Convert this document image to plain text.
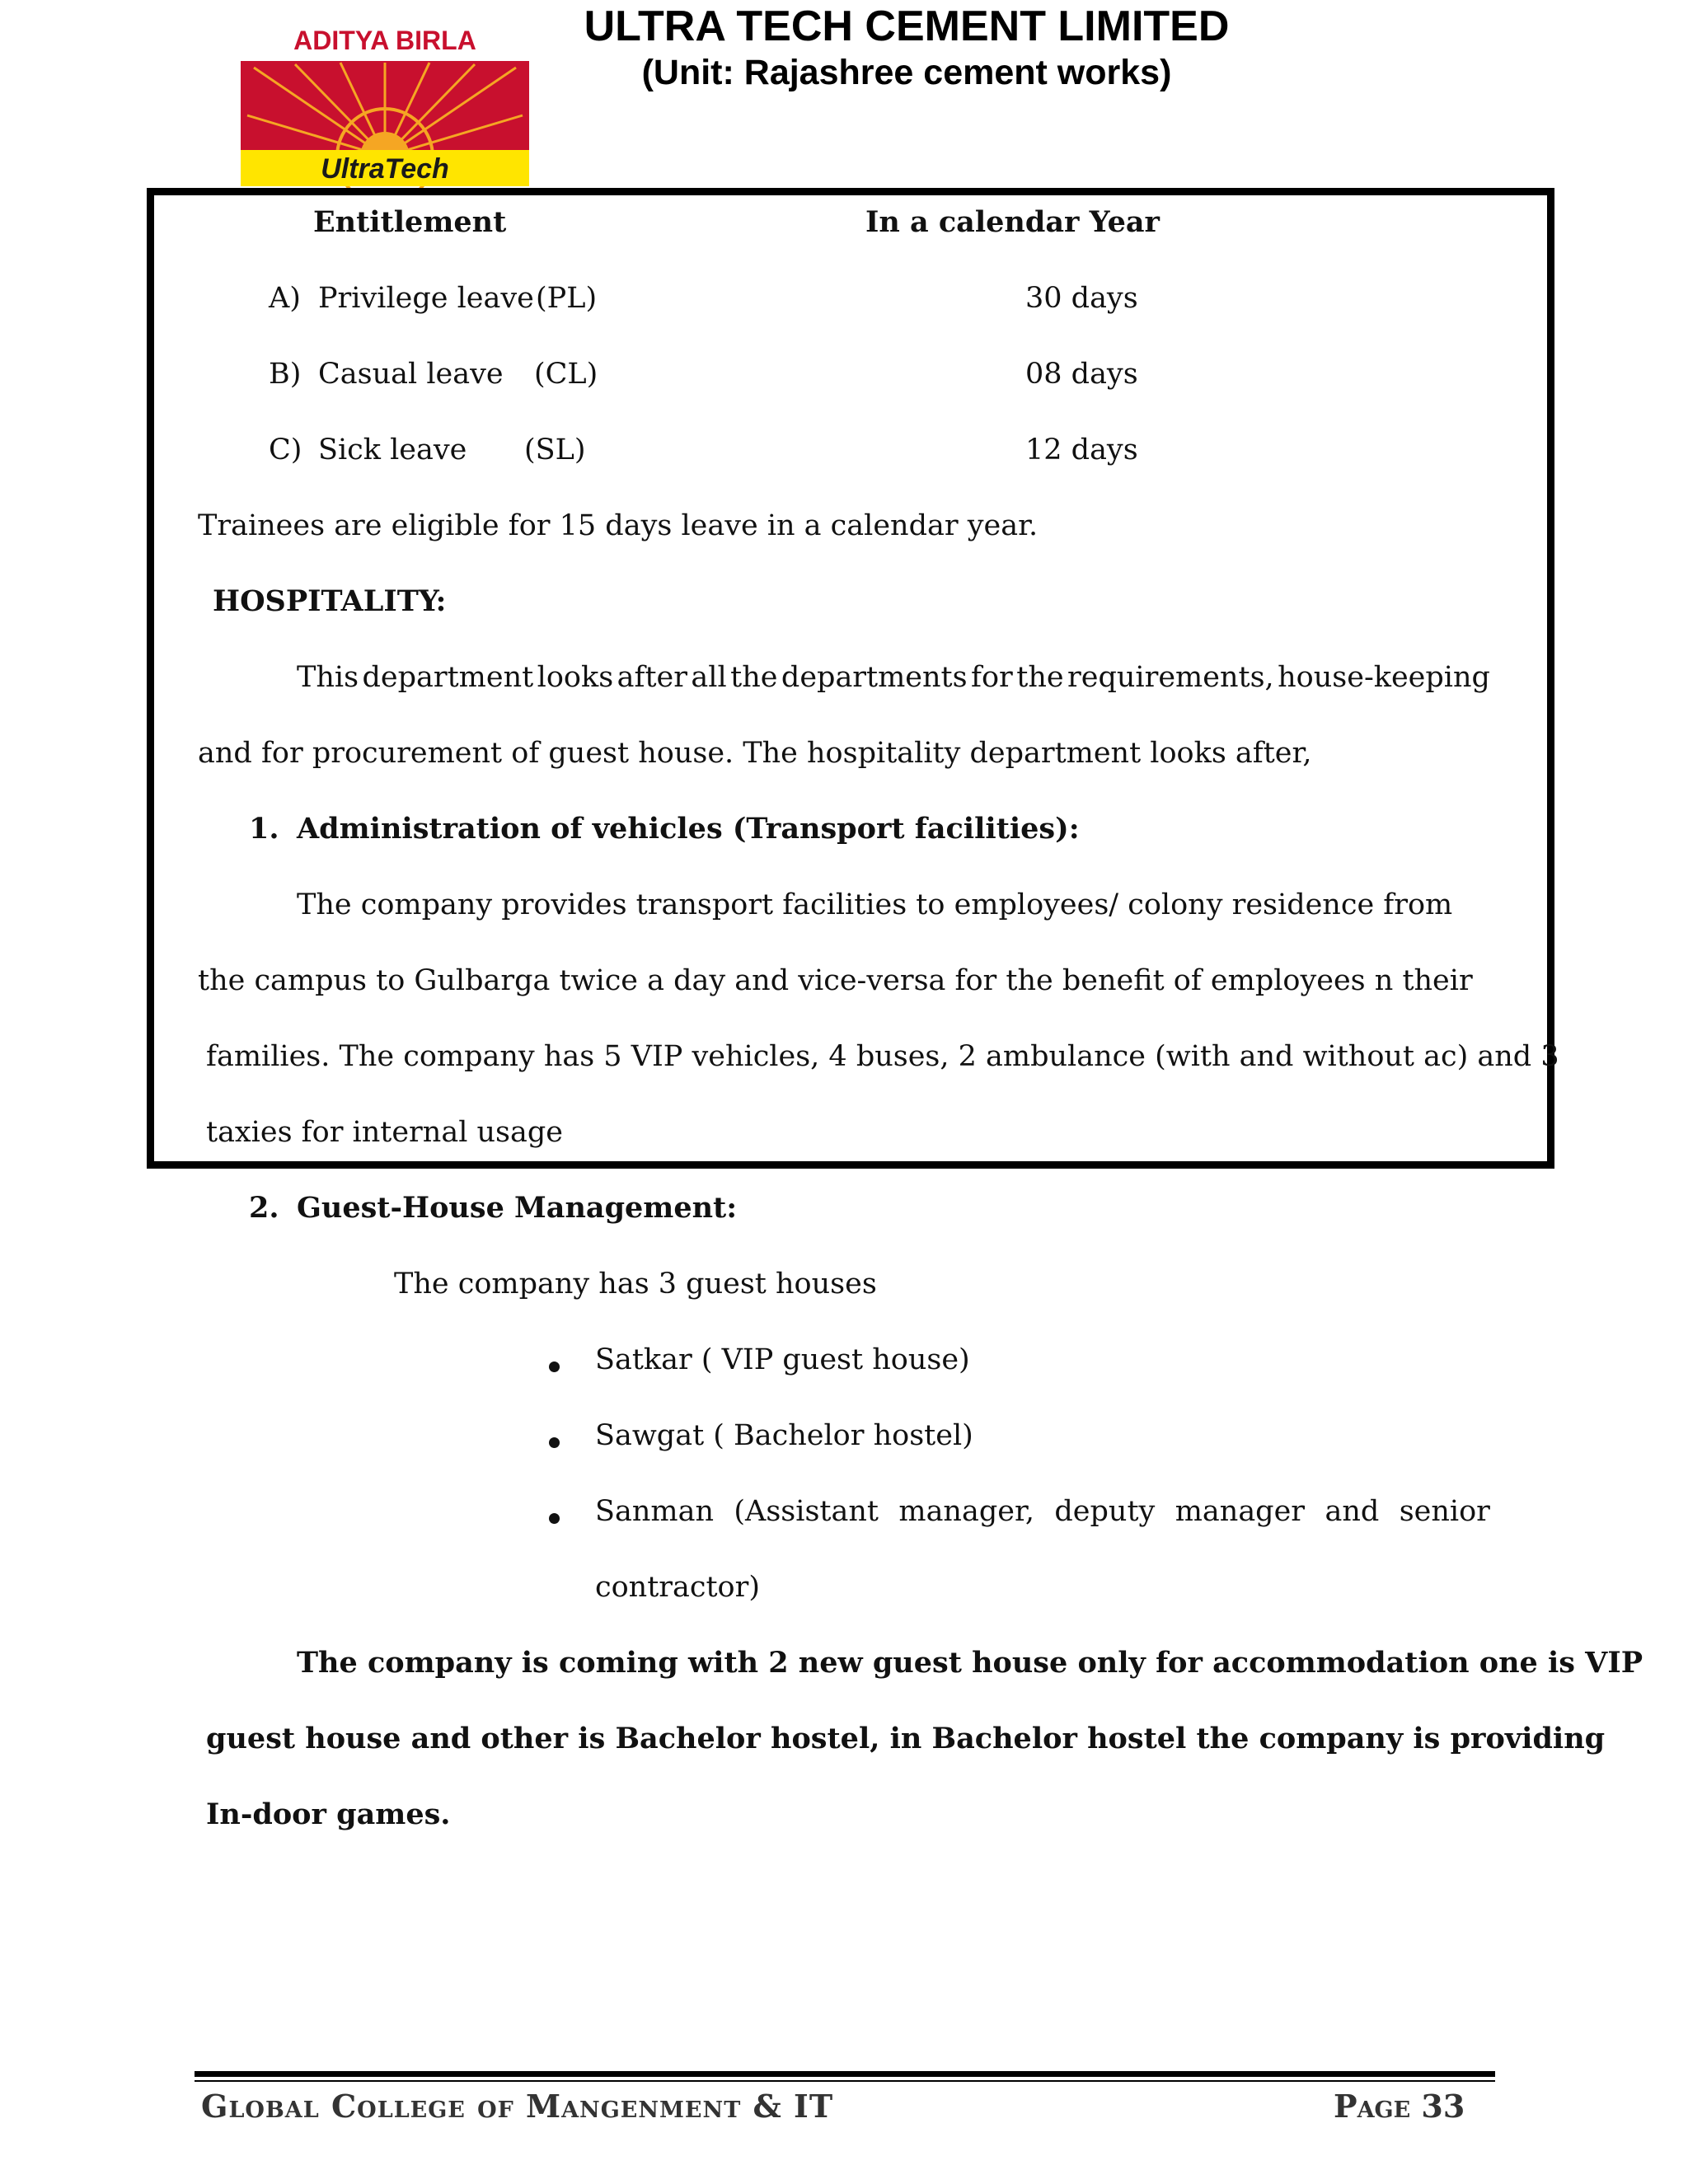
ADITYA BIRLA
UltraTech
ULTRA TECH CEMENT LIMITED
(Unit: Rajashree cement works)
Entitlement	In a calendar Year
A) Privilege leave (PL)	30 days
B) Casual leave (CL)	08 days
C) Sick leave (SL)	12 days
Trainees are eligible for 15 days leave in a calendar year.
HOSPITALITY:
This department looks after all the departments for the requirements, house-keeping
and for procurement of guest house. The hospitality department looks after,
1. Administration of vehicles (Transport facilities):
The company provides transport facilities to employees/ colony residence from
the campus to Gulbarga twice a day and vice-versa for the benefit of employees n their
families. The company has 5 VIP vehicles, 4 buses, 2 ambulance (with and without ac) and 3
taxies for internal usage
2. Guest-House Management:
The company has 3 guest houses
Satkar ( VIP guest house)
Sawgat ( Bachelor hostel)
Sanman (Assistant manager, deputy manager and senior
contractor)
The company is coming with 2 new guest house only for accommodation one is VIP
guest house and other is Bachelor hostel, in Bachelor hostel the company is providing
In-door games.
Global College of Mangenment & IT	Page 33
